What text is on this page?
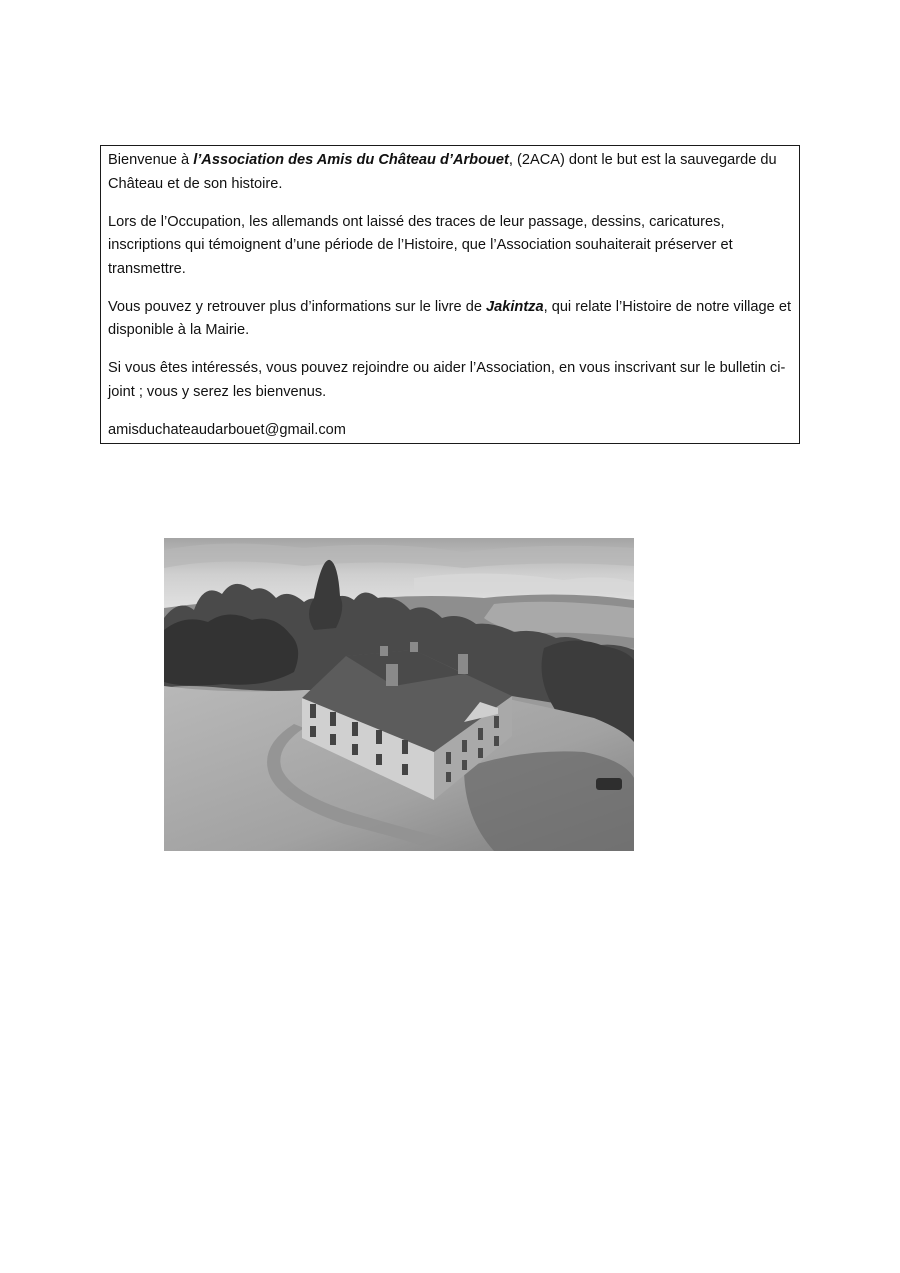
Bienvenue à l’Association des Amis du Château d’Arbouet, (2ACA) dont le but est la sauvegarde du Château et de son histoire.

Lors de l’Occupation, les allemands ont laissé des traces de leur passage, dessins, caricatures, inscriptions qui témoignent d’une période de l’Histoire, que l’Association souhaiterait préserver et transmettre.

Vous pouvez y retrouver plus d’informations sur le livre de Jakintza, qui relate l’Histoire de notre village et disponible à la Mairie.

Si vous êtes intéressés, vous pouvez rejoindre ou aider l’Association, en vous inscrivant sur le bulletin ci- joint ; vous y serez les bienvenus.

amisduchateaudarbouet@gmail.com
